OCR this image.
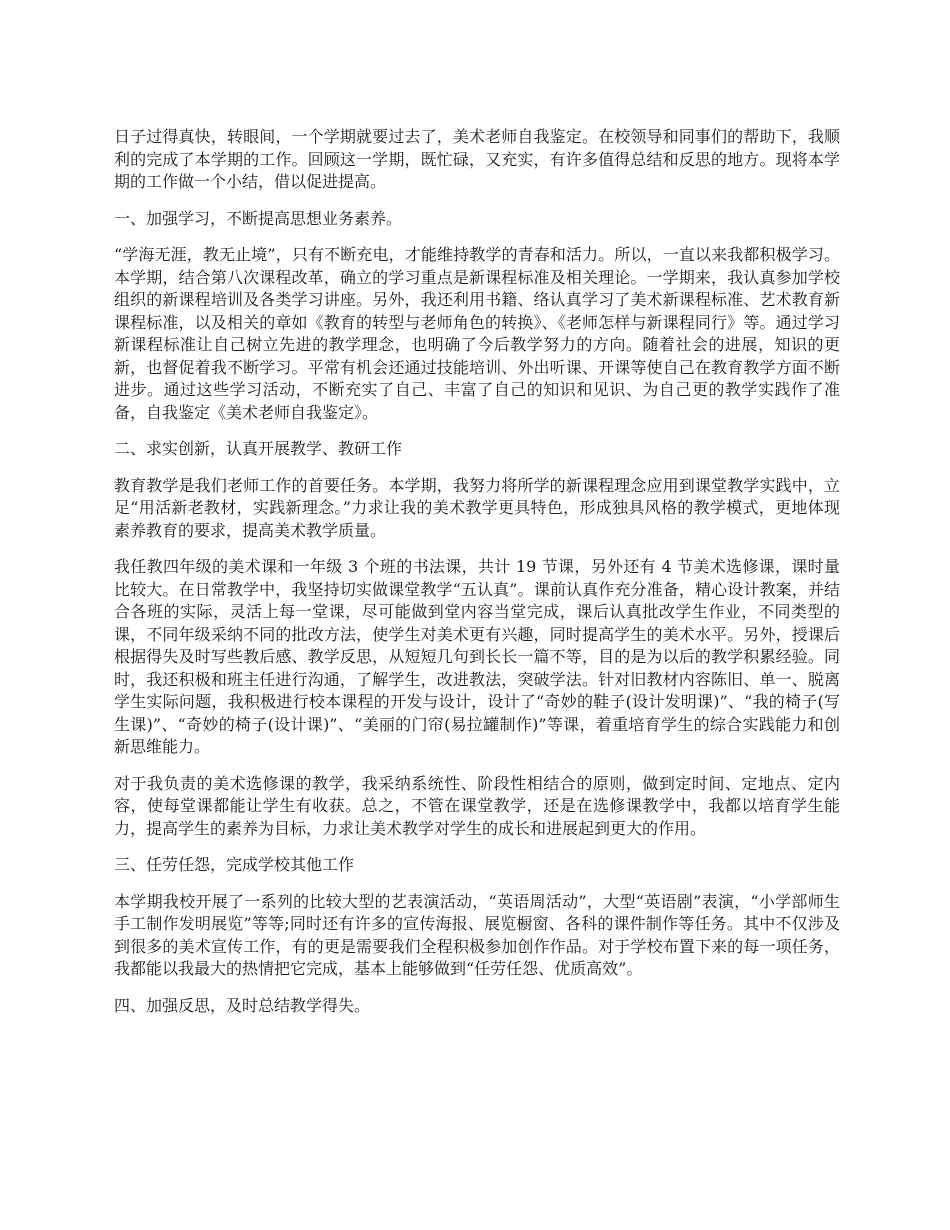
日子过得真快，转眼间，一个学期就要过去了，美术老师自我鉴定。在校领导和同事们的帮助下，我顺利的完成了本学期的工作。回顾这一学期，既忙碌，又充实，有许多值得总结和反思的地方。现将本学期的工作做一个小结，借以促进提高。

一、加强学习，不断提高思想业务素养。

“学海无涯，教无止境”，只有不断充电，才能维持教学的青春和活力。所以，一直以来我都积极学习。本学期，结合第八次课程改革，确立的学习重点是新课程标准及相关理论。一学期来，我认真参加学校组织的新课程培训及各类学习讲座。另外，我还利用书籍、络认真学习了美术新课程标准、艺术教育新课程标准，以及相关的章如《教育的转型与老师角色的转换》、《老师怎样与新课程同行》等。通过学习新课程标准让自己树立先进的教学理念，也明确了今后教学努力的方向。随着社会的进展，知识的更新，也督促着我不断学习。平常有机会还通过技能培训、外出听课、开课等使自己在教育教学方面不断进步。通过这些学习活动，不断充实了自己、丰富了自己的知识和见识、为自己更的教学实践作了准备，自我鉴定《美术老师自我鉴定》。

二、求实创新，认真开展教学、教研工作

教育教学是我们老师工作的首要任务。本学期，我努力将所学的新课程理念应用到课堂教学实践中，立足“用活新老教材，实践新理念。”力求让我的美术教学更具特色，形成独具风格的教学模式，更地体现素养教育的要求，提高美术教学质量。

我任教四年级的美术课和一年级 3 个班的书法课，共计 19 节课，另外还有 4 节美术选修课，课时量比较大。在日常教学中，我坚持切实做课堂教学“五认真”。课前认真作充分准备，精心设计教案，并结合各班的实际，灵活上每一堂课，尽可能做到堂内容当堂完成，课后认真批改学生作业，不同类型的课，不同年级采纳不同的批改方法，使学生对美术更有兴趣，同时提高学生的美术水平。另外，授课后根据得失及时写些教后感、教学反思，从短短几句到长长一篇不等，目的是为以后的教学积累经验。同时，我还积极和班主任进行沟通，了解学生，改进教法，突破学法。针对旧教材内容陈旧、单一、脱离学生实际问题，我积极进行校本课程的开发与设计，设计了“奇妙的鞋子(设计发明课)”、“我的椅子(写生课)”、“奇妙的椅子(设计课)”、“美丽的门帘(易拉罐制作)”等课，着重培育学生的综合实践能力和创新思维能力。

对于我负责的美术选修课的教学，我采纳系统性、阶段性相结合的原则，做到定时间、定地点、定内容，使每堂课都能让学生有收获。总之，不管在课堂教学，还是在选修课教学中，我都以培育学生能力，提高学生的素养为目标，力求让美术教学对学生的成长和进展起到更大的作用。

三、任劳任怨，完成学校其他工作

本学期我校开展了一系列的比较大型的艺表演活动，“英语周活动”，大型“英语剧”表演，“小学部师生手工制作发明展览”等等;同时还有许多的宣传海报、展览橱窗、各科的课件制作等任务。其中不仅涉及到很多的美术宣传工作，有的更是需要我们全程积极参加创作作品。对于学校布置下来的每一项任务，我都能以我最大的热情把它完成，基本上能够做到“任劳任怨、优质高效”。

四、加强反思，及时总结教学得失。
